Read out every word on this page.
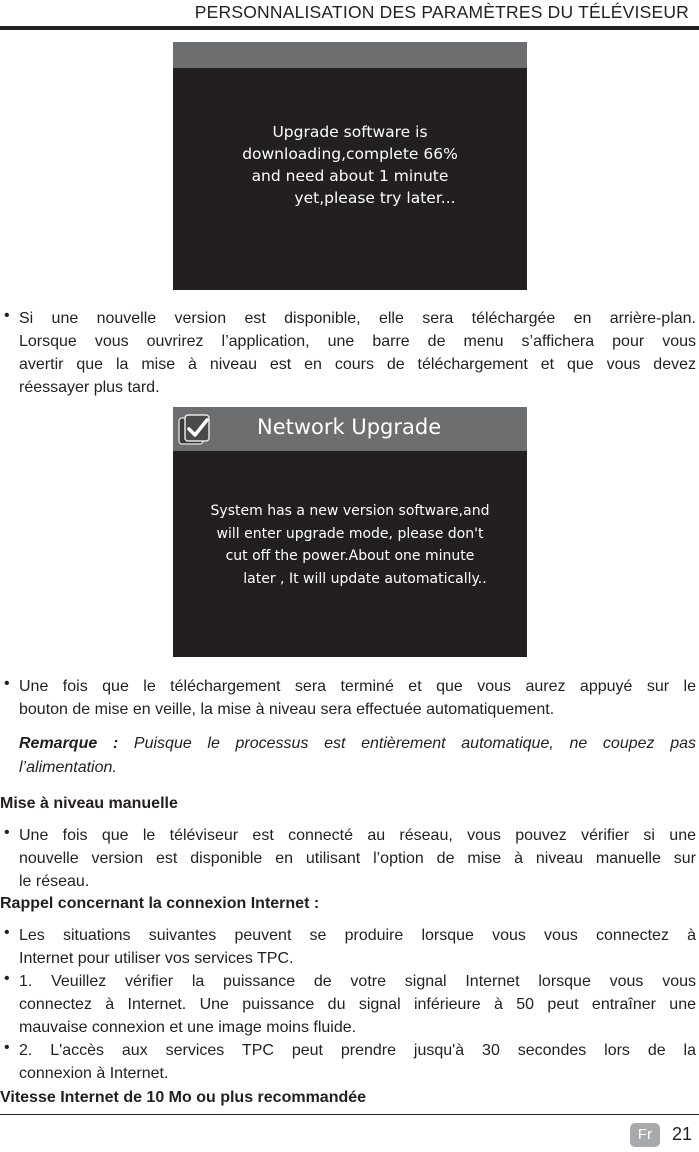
PERSONNALISATION DES PARAMÈTRES DU TÉLÉVISEUR
Upgrade software is
downloading,complete 66%
and need about 1 minute
yet,please try later...
• Si une nouvelle version est disponible, elle sera téléchargée en arrière-plan.
Lorsque vous ouvrirez l’application, une barre de menu s’affichera pour vous
avertir que la mise à niveau est en cours de téléchargement et que vous devez
réessayer plus tard.
Network Upgrade
System has a new version software,and
will enter upgrade mode, please don't
cut off the power.About one minute
later , It will update automatically..
• Une fois que le téléchargement sera terminé et que vous aurez appuyé sur le
bouton de mise en veille, la mise à niveau sera effectuée automatiquement.
Remarque : Puisque le processus est entièrement automatique, ne coupez pas
l’alimentation.
Mise à niveau manuelle
• Une fois que le téléviseur est connecté au réseau, vous pouvez vérifier si une
nouvelle version est disponible en utilisant l’option de mise à niveau manuelle sur
le réseau.
Rappel concernant la connexion Internet :
• Les situations suivantes peuvent se produire lorsque vous vous connectez à
Internet pour utiliser vos services TPC.
• 1. Veuillez vérifier la puissance de votre signal Internet lorsque vous vous
connectez à Internet. Une puissance du signal inférieure à 50 peut entraîner une
mauvaise connexion et une image moins fluide.
• 2. L'accès aux services TPC peut prendre jusqu'à 30 secondes lors de la
connexion à Internet.
Vitesse Internet de 10 Mo ou plus recommandée
Fr	21
